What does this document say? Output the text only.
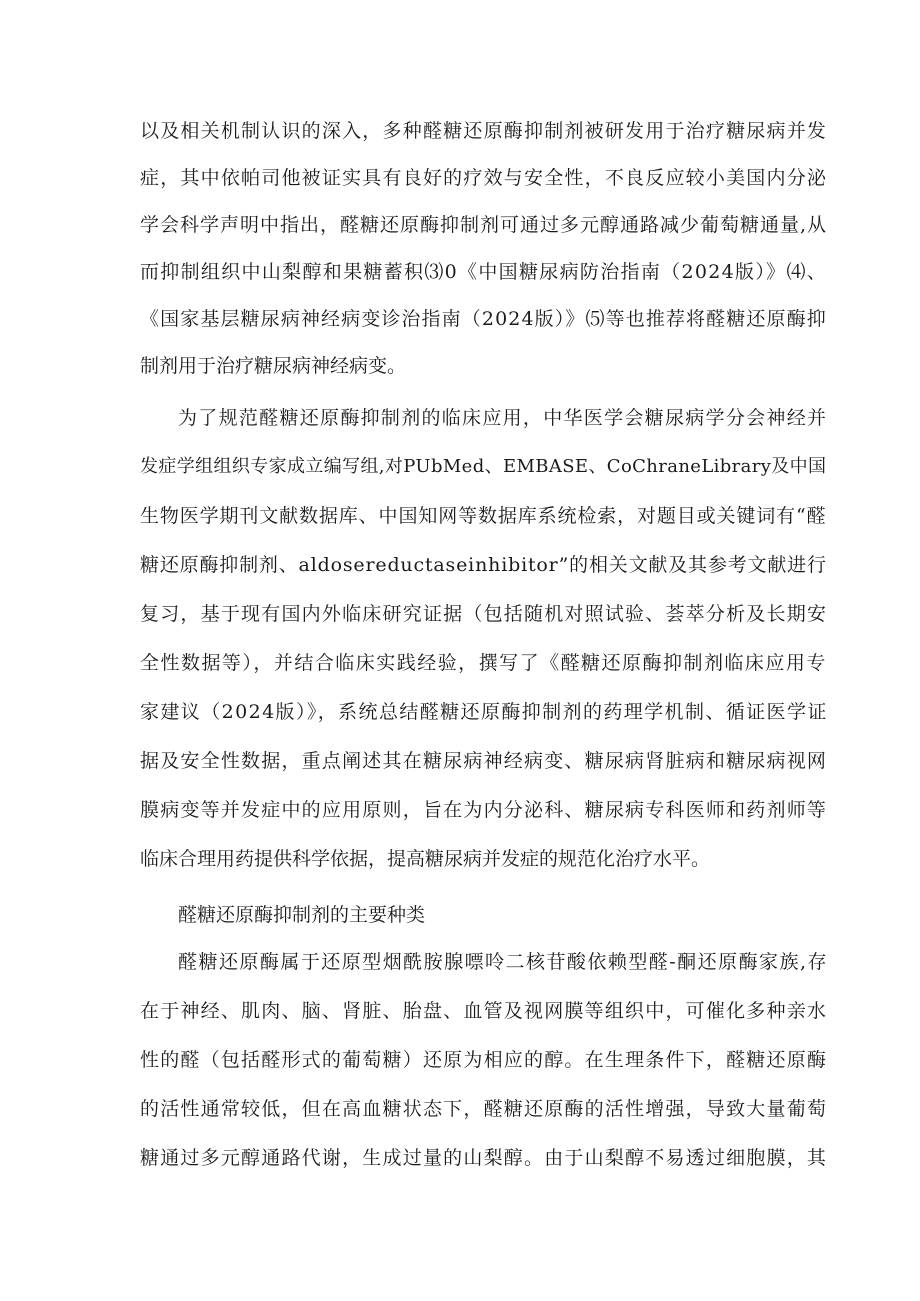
以及相关机制认识的深入，多种醛糖还原酶抑制剂被研发用于治疗糖尿病并发
症，其中依帕司他被证实具有良好的疗效与安全性，不良反应较小美国内分泌
学会科学声明中指出，醛糖还原酶抑制剂可通过多元醇通路减少葡萄糖通量,从
而抑制组织中山梨醇和果糖蓄积⑶0《中国糖尿病防治指南（2024版）》⑷、
《国家基层糖尿病神经病变诊治指南（2024版）》⑸等也推荐将醛糖还原酶抑
制剂用于治疗糖尿病神经病变。
为了规范醛糖还原酶抑制剂的临床应用，中华医学会糖尿病学分会神经并
发症学组组织专家成立编写组,对PUbMed、EMBASE、CoChraneLibrary及中国
生物医学期刊文献数据库、中国知网等数据库系统检索，对题目或关键词有“醛
糖还原酶抑制剂、aldosereductaseinhibitor”的相关文献及其参考文献进行
复习，基于现有国内外临床研究证据（包括随机对照试验、荟萃分析及长期安
全性数据等），并结合临床实践经验，撰写了《醛糖还原酶抑制剂临床应用专
家建议（2024版）》，系统总结醛糖还原酶抑制剂的药理学机制、循证医学证
据及安全性数据，重点阐述其在糖尿病神经病变、糖尿病肾脏病和糖尿病视网
膜病变等并发症中的应用原则，旨在为内分泌科、糖尿病专科医师和药剂师等
临床合理用药提供科学依据，提高糖尿病并发症的规范化治疗水平。
醛糖还原酶抑制剂的主要种类
醛糖还原酶属于还原型烟酰胺腺嘌呤二核苷酸依赖型醛-酮还原酶家族,存
在于神经、肌肉、脑、肾脏、胎盘、血管及视网膜等组织中，可催化多种亲水
性的醛（包括醛形式的葡萄糖）还原为相应的醇。在生理条件下，醛糖还原酶
的活性通常较低，但在高血糖状态下，醛糖还原酶的活性增强，导致大量葡萄
糖通过多元醇通路代谢，生成过量的山梨醇。由于山梨醇不易透过细胞膜，其
